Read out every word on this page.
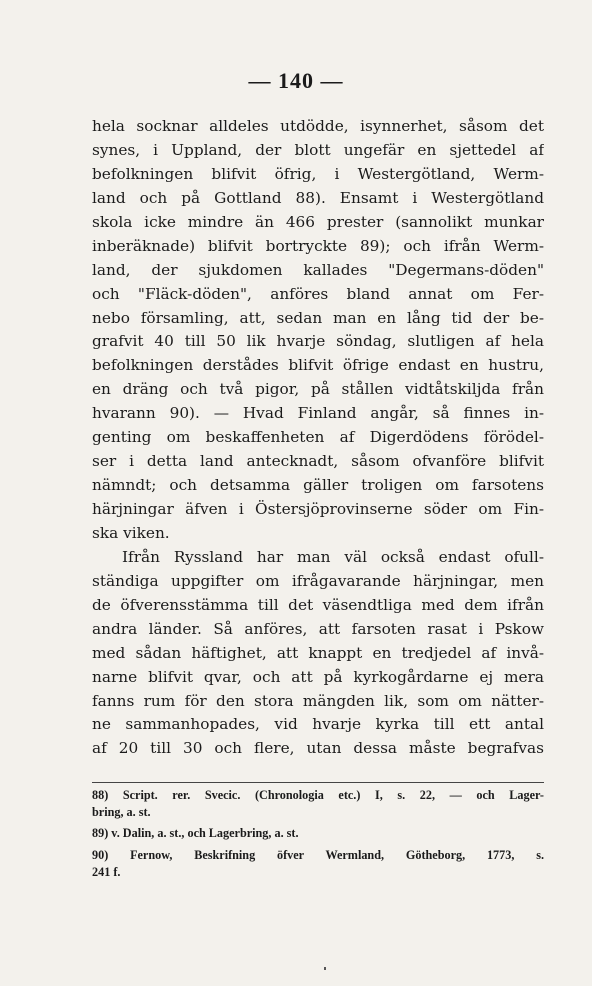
— 140 —
hela socknar alldeles utdödde, isynnerhet, såsom det
synes, i Uppland, der blott ungefär en sjettedel af
befolkningen blifvit öfrig, i Westergötland, Werm-
land och på Gottland 88). Ensamt i Westergötland
skola icke mindre än 466 prester (sannolikt munkar
inberäknade) blifvit bortryckte 89); och ifrån Werm-
land, der sjukdomen kallades "Degermans-döden"
och "Fläck-döden", anföres bland annat om Fer-
nebo församling, att, sedan man en lång tid der be-
grafvit 40 till 50 lik hvarje söndag, slutligen af hela
befolkningen derstådes blifvit öfrige endast en hustru,
en dräng och två pigor, på stållen vidtåtskiljda från
hvarann 90). — Hvad Finland angår, så finnes in-
genting om beskaffenheten af Digerdödens förödel-
ser i detta land antecknadt, såsom ofvanföre blifvit
nämndt; och detsamma gäller troligen om farsotens
härjningar äfven i Östersjöprovinserne söder om Fin-
ska viken.
Ifrån Ryssland har man väl också endast ofull-
ständiga uppgifter om ifrågavarande härjningar, men
de öfverensstämma till det väsendtliga med dem ifrån
andra länder. Så anföres, att farsoten rasat i Pskow
med sådan häftighet, att knappt en tredjedel af invå-
narne blifvit qvar, och att på kyrkogårdarne ej mera
fanns rum för den stora mängden lik, som om nätter-
ne sammanhopades, vid hvarje kyrka till ett antal
af 20 till 30 och flere, utan dessa måste begrafvas
88) Script. rer. Svecic. (Chronologia etc.) I, s. 22, — och Lager-
bring, a. st.
89) v. Dalin, a. st., och Lagerbring, a. st.
90) Fernow, Beskrifning öfver Wermland, Götheborg, 1773, s.
241 f.
